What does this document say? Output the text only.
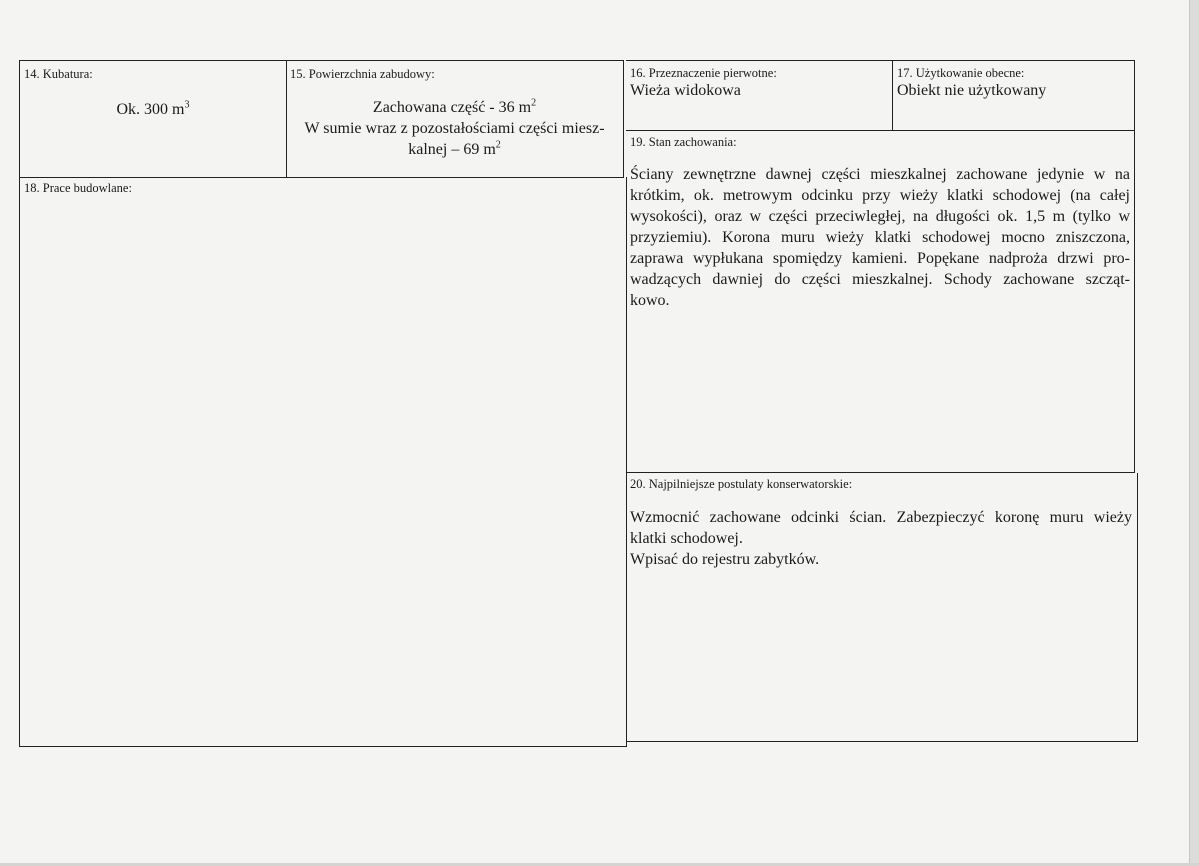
14. Kubatura:
Ok. 300 $m^3$
15. Powierzchnia zabudowy:
Zachowana część - 36 $m^2$
W sumie wraz z pozostałościami części miesz-
kalnej – 69 $m^2$
18. Prace budowlane:
16. Przeznaczenie pierwotne:
Wieża widokowa
17. Użytkowanie obecne:
Obiekt nie użytkowany
19. Stan zachowania:
Ściany zewnętrzne dawnej części mieszkalnej zachowane jedynie w na
krótkim, ok. metrowym odcinku przy wieży klatki schodowej (na całej
wysokości), oraz w części przeciwległej, na długości ok. 1,5 m (tylko w
przyziemiu). Korona muru wieży klatki schodowej mocno zniszczona,
zaprawa wypłukana spomiędzy kamieni. Popękane nadproża drzwi pro-
wadzących dawniej do części mieszkalnej. Schody zachowane szcząt-
kowo.
20. Najpilniejsze postulaty konserwatorskie:
Wzmocnić zachowane odcinki ścian. Zabezpieczyć koronę muru wieży
klatki schodowej.
Wpisać do rejestru zabytków.
